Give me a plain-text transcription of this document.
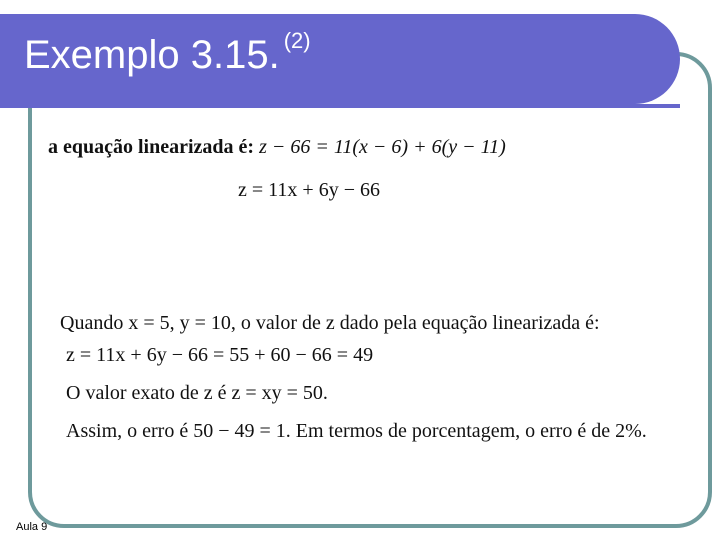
Exemplo 3.15. $^{(2)}$
a equação linearizada é: z − 66 = 11(x − 6) + 6(y − 11)
z = 11x + 6y − 66
Quando x = 5, y = 10, o valor de z dado pela equação linearizada é:
z = 11x + 6y − 66 = 55 + 60 − 66 = 49
O valor exato de z é z = xy = 50.
Assim, o erro é 50 − 49 = 1. Em termos de porcentagem, o erro é de 2%.
Aula 9
